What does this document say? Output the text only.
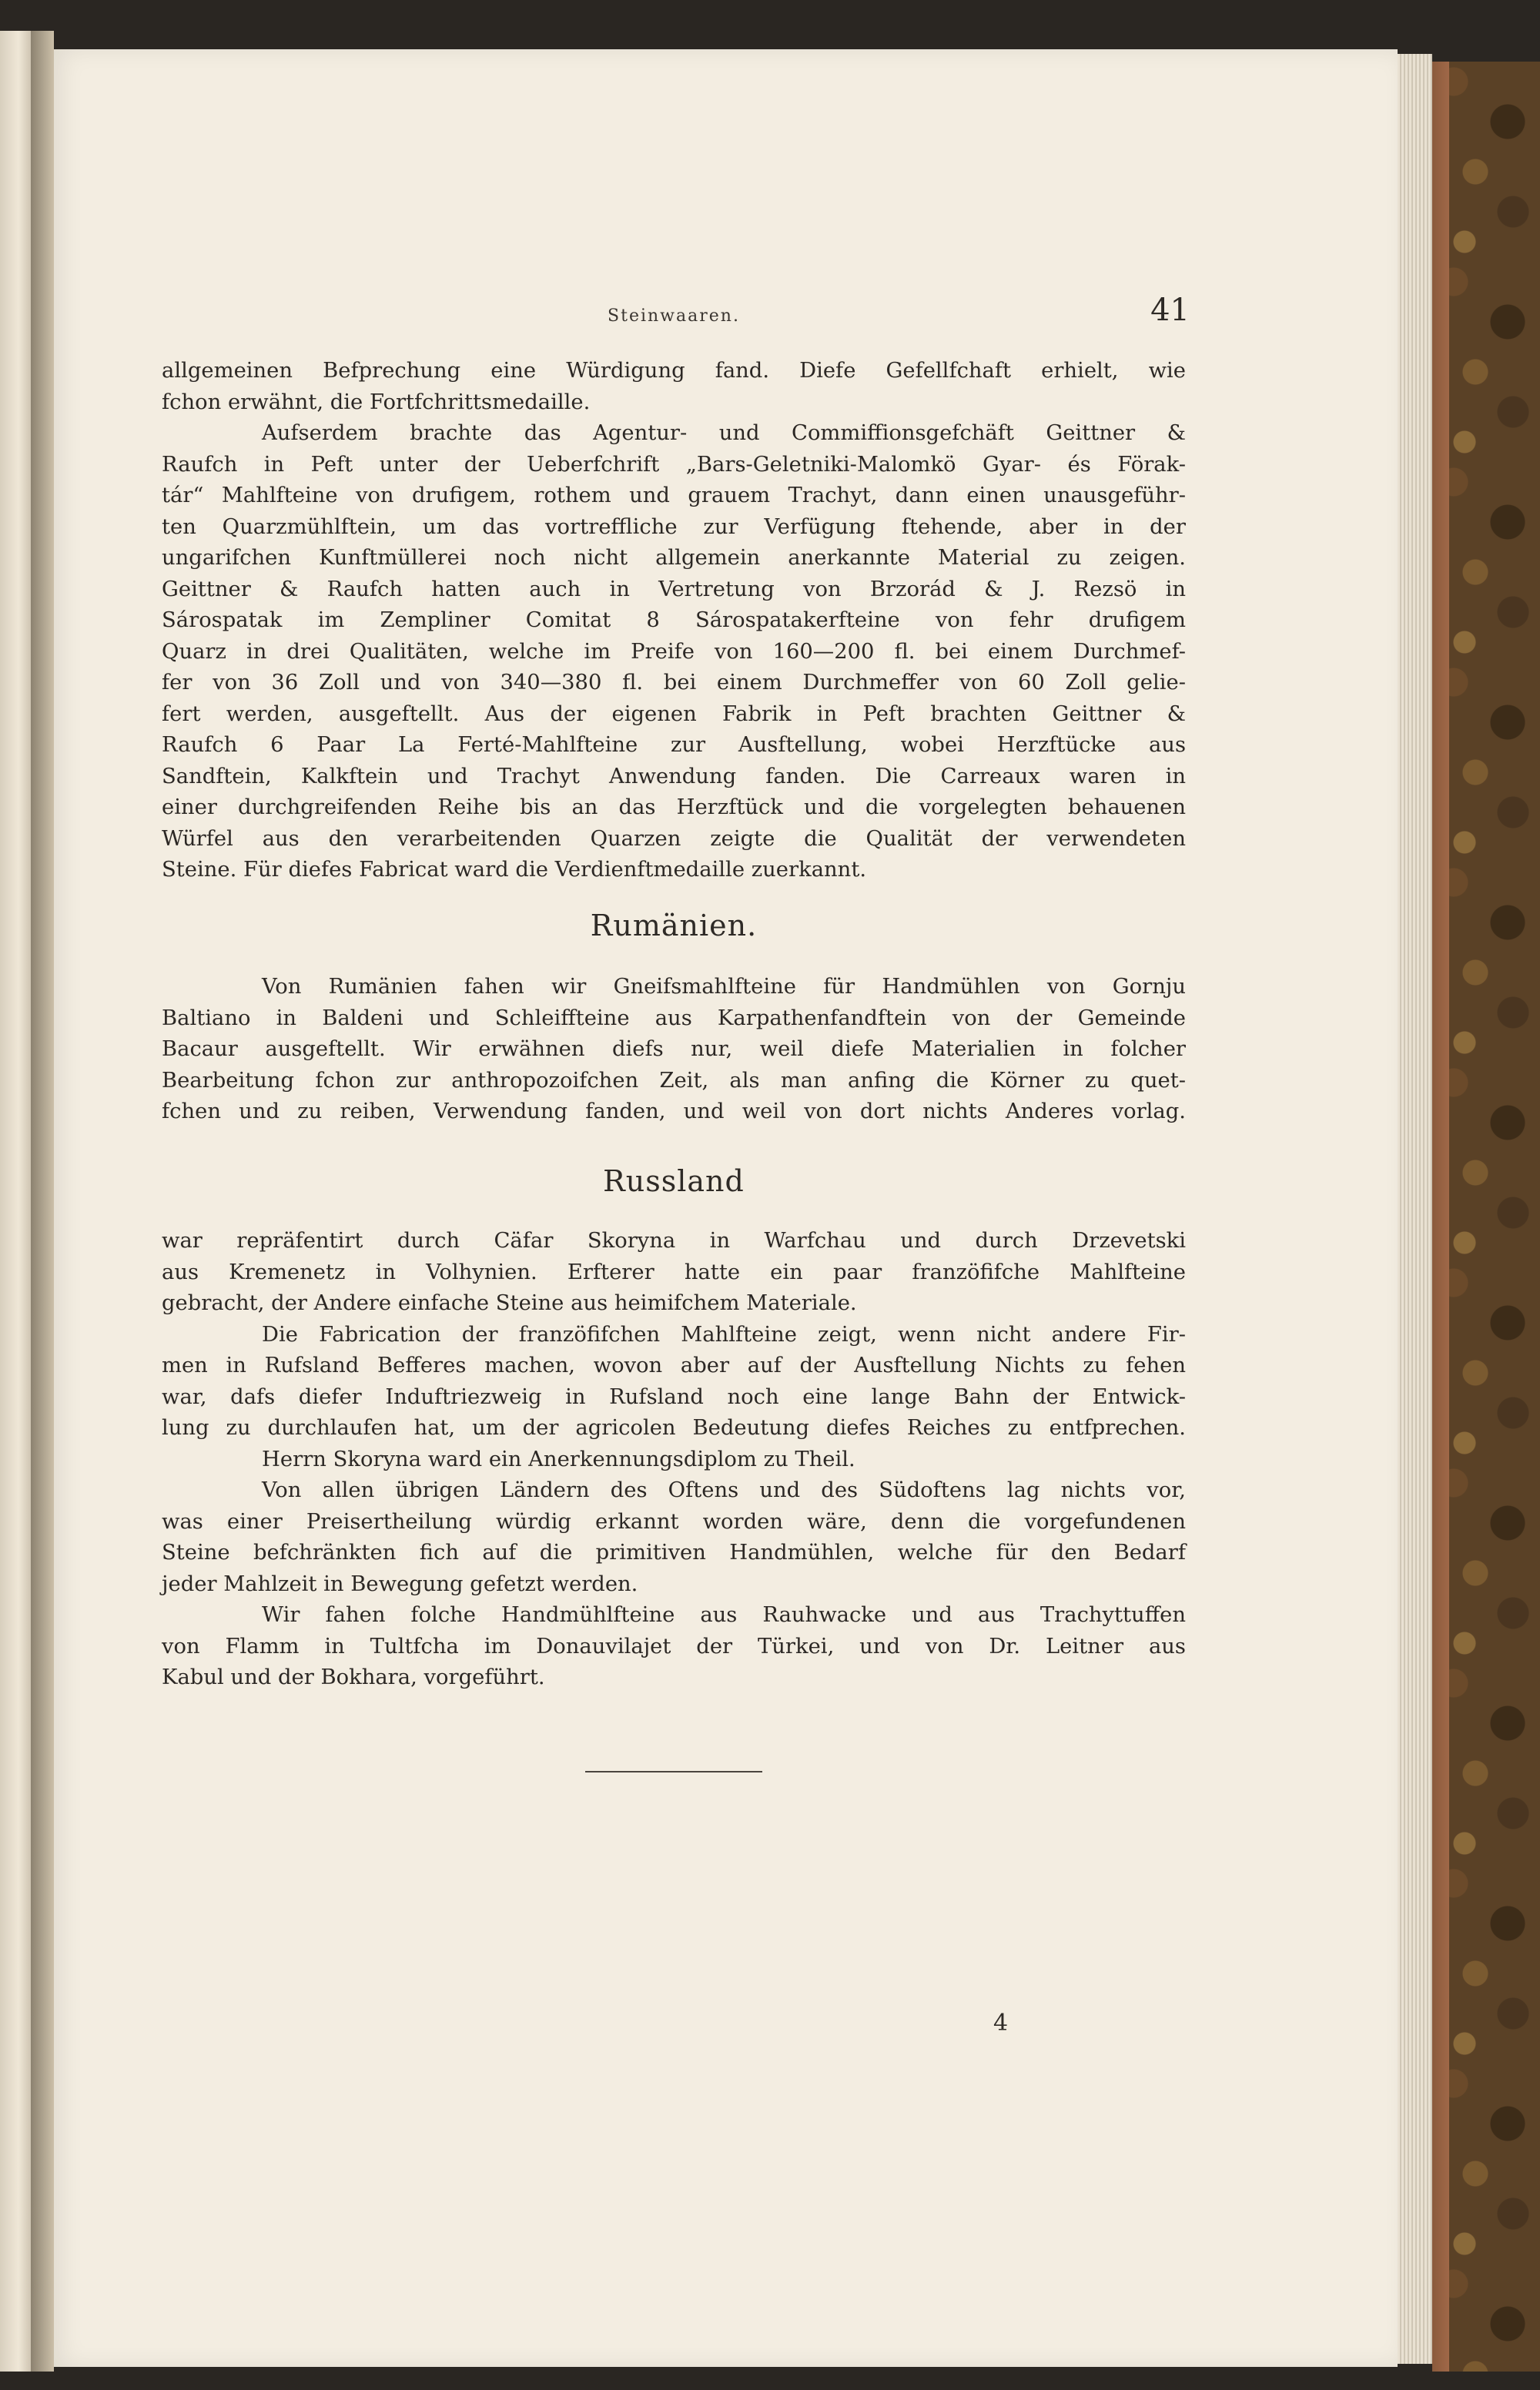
Steinwaaren.	41
allgemeinen Befprechung eine Würdigung fand. Diefe Gefellfchaft erhielt, wie
fchon erwähnt, die Fortfchrittsmedaille.
Aufserdem brachte das Agentur- und Commiffionsgefchäft Geittner &
Raufch in Peft unter der Ueberfchrift „Bars-Geletniki-Malomkö Gyar- és Förak-
tár“ Mahlfteine von drufigem, rothem und grauem Trachyt, dann einen unausgeführ-
ten Quarzmühlftein, um das vortreffliche zur Verfügung ftehende, aber in der
ungarifchen Kunftmüllerei noch nicht allgemein anerkannte Material zu zeigen.
Geittner & Raufch hatten auch in Vertretung von Brzorád & J. Rezsö in
Sárospatak im Zempliner Comitat 8 Sárospatakerfteine von fehr drufigem
Quarz in drei Qualitäten, welche im Preife von 160—200 fl. bei einem Durchmef-
fer von 36 Zoll und von 340—380 fl. bei einem Durchmeffer von 60 Zoll gelie-
fert werden, ausgeftellt. Aus der eigenen Fabrik in Peft brachten Geittner &
Raufch 6 Paar La Ferté-Mahlfteine zur Ausftellung, wobei Herzftücke aus
Sandftein, Kalkftein und Trachyt Anwendung fanden. Die Carreaux waren in
einer durchgreifenden Reihe bis an das Herzftück und die vorgelegten behauenen
Würfel aus den verarbeitenden Quarzen zeigte die Qualität der verwendeten
Steine. Für diefes Fabricat ward die Verdienftmedaille zuerkannt.
Rumänien.
Von Rumänien fahen wir Gneifsmahlfteine für Handmühlen von Gornju
Baltiano in Baldeni und Schleiffteine aus Karpathenfandftein von der Gemeinde
Bacaur ausgeftellt. Wir erwähnen diefs nur, weil diefe Materialien in folcher
Bearbeitung fchon zur anthropozoifchen Zeit, als man anfing die Körner zu quet-
fchen und zu reiben, Verwendung fanden, und weil von dort nichts Anderes vorlag.
Russland
war repräfentirt durch Cäfar Skoryna in Warfchau und durch Drzevetski
aus Kremenetz in Volhynien. Erfterer hatte ein paar franzöfifche Mahlfteine
gebracht, der Andere einfache Steine aus heimifchem Materiale.
Die Fabrication der franzöfifchen Mahlfteine zeigt, wenn nicht andere Fir-
men in Rufsland Befferes machen, wovon aber auf der Ausftellung Nichts zu fehen
war, dafs diefer Induftriezweig in Rufsland noch eine lange Bahn der Entwick-
lung zu durchlaufen hat, um der agricolen Bedeutung diefes Reiches zu entfprechen.
Herrn Skoryna ward ein Anerkennungsdiplom zu Theil.
Von allen übrigen Ländern des Oftens und des Südoftens lag nichts vor,
was einer Preisertheilung würdig erkannt worden wäre, denn die vorgefundenen
Steine befchränkten fich auf die primitiven Handmühlen, welche für den Bedarf
jeder Mahlzeit in Bewegung gefetzt werden.
Wir fahen folche Handmühlfteine aus Rauhwacke und aus Trachyttuffen
von Flamm in Tultfcha im Donauvilajet der Türkei, und von Dr. Leitner aus
Kabul und der Bokhara, vorgeführt.
4
